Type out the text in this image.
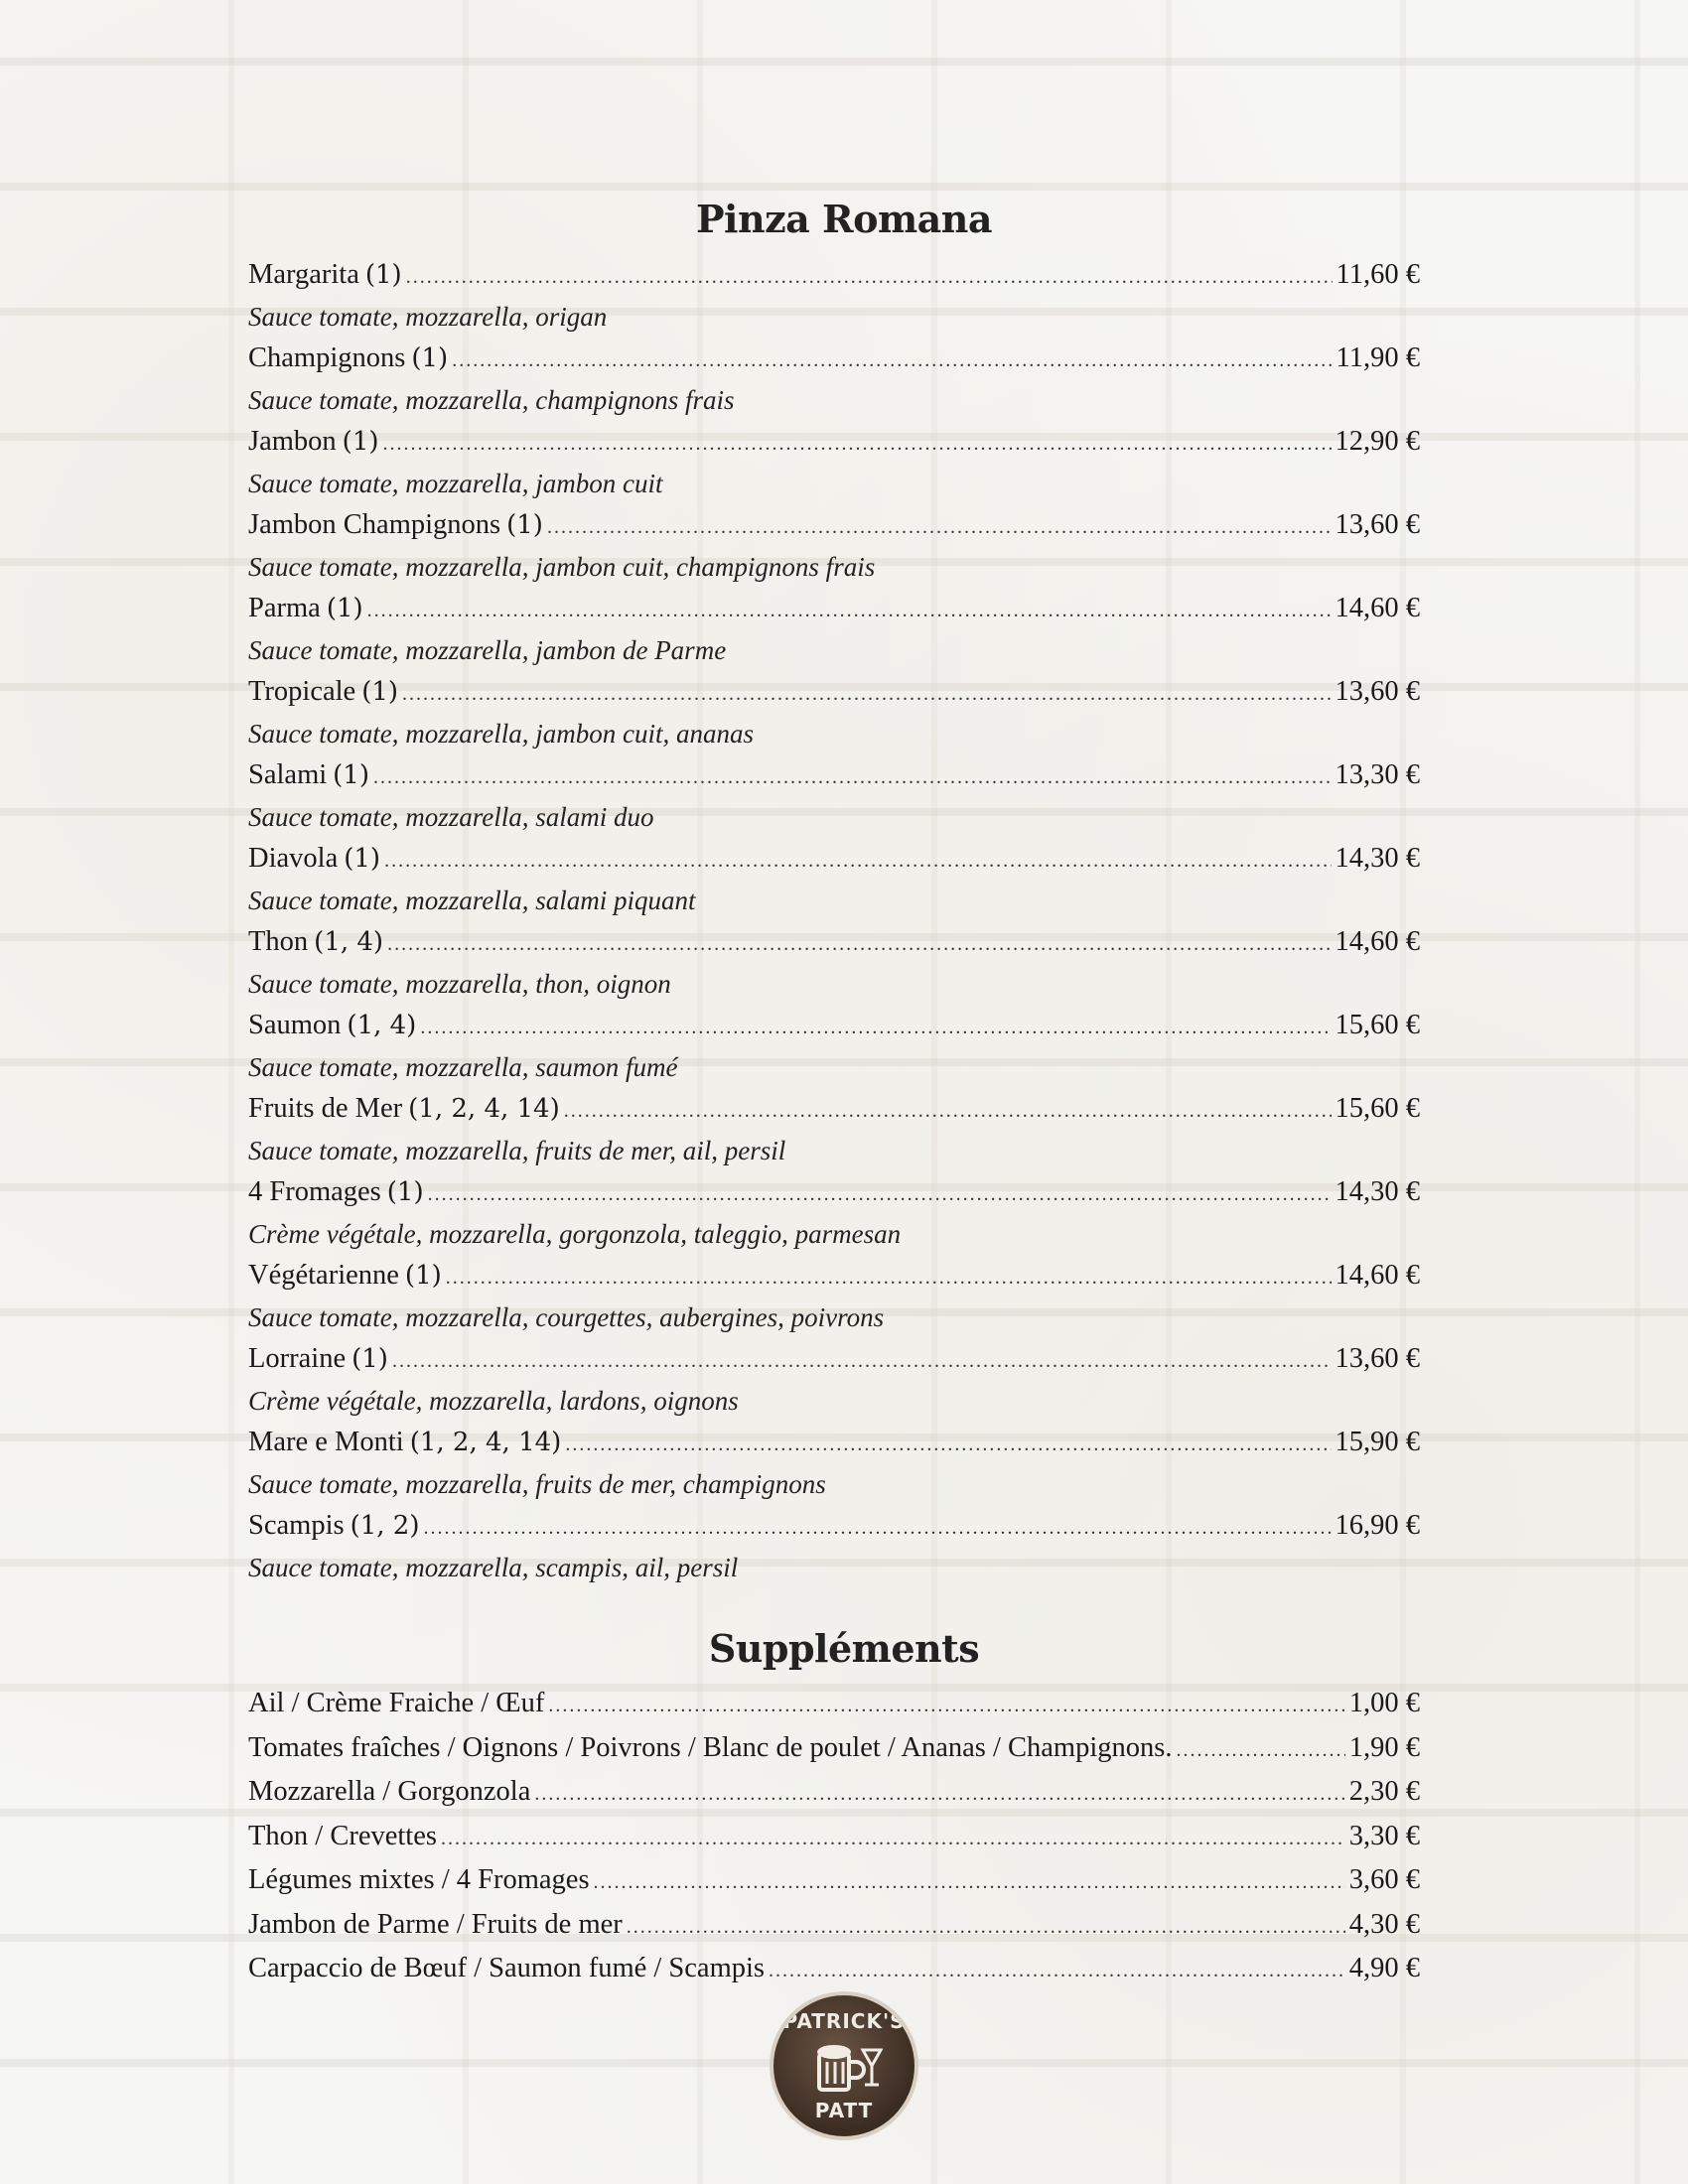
Pinza Romana
Margarita (1) .....	11,60 €
Sauce tomate, mozzarella, origan
Champignons (1) .....	11,90 €
Sauce tomate, mozzarella, champignons frais
Jambon (1) .....	12,90 €
Sauce tomate, mozzarella, jambon cuit
Jambon Champignons (1) .....	13,60 €
Sauce tomate, mozzarella, jambon cuit, champignons frais
Parma (1) .....	14,60 €
Sauce tomate, mozzarella, jambon de Parme
Tropicale (1) .....	13,60 €
Sauce tomate, mozzarella, jambon cuit, ananas
Salami (1) .....	13,30 €
Sauce tomate, mozzarella, salami duo
Diavola (1) .....	14,30 €
Sauce tomate, mozzarella, salami piquant
Thon (1, 4) .....	14,60 €
Sauce tomate, mozzarella, thon, oignon
Saumon (1, 4) .....	15,60 €
Sauce tomate, mozzarella, saumon fumé
Fruits de Mer (1, 2, 4, 14) .....	15,60 €
Sauce tomate, mozzarella, fruits de mer, ail, persil
4 Fromages (1) .....	14,30 €
Crème végétale, mozzarella, gorgonzola, taleggio, parmesan
Végétarienne (1) .....	14,60 €
Sauce tomate, mozzarella, courgettes, aubergines, poivrons
Lorraine (1) .....	13,60 €
Crème végétale, mozzarella, lardons, oignons
Mare e Monti (1, 2, 4, 14) .....	15,90 €
Sauce tomate, mozzarella, fruits de mer, champignons
Scampis (1, 2) .....	16,90 €
Sauce tomate, mozzarella, scampis, ail, persil
Suppléments
Ail / Crème Fraiche / Œuf .....	1,00 €
Tomates fraîches / Oignons / Poivrons / Blanc de poulet / Ananas / Champignons. .....	1,90 €
Mozzarella / Gorgonzola .....	2,30 €
Thon / Crevettes .....	3,30 €
Légumes mixtes / 4 Fromages .....	3,60 €
Jambon de Parme / Fruits de mer .....	4,30 €
Carpaccio de Bœuf / Saumon fumé / Scampis .....	4,90 €
PATRICK'S
PATT
